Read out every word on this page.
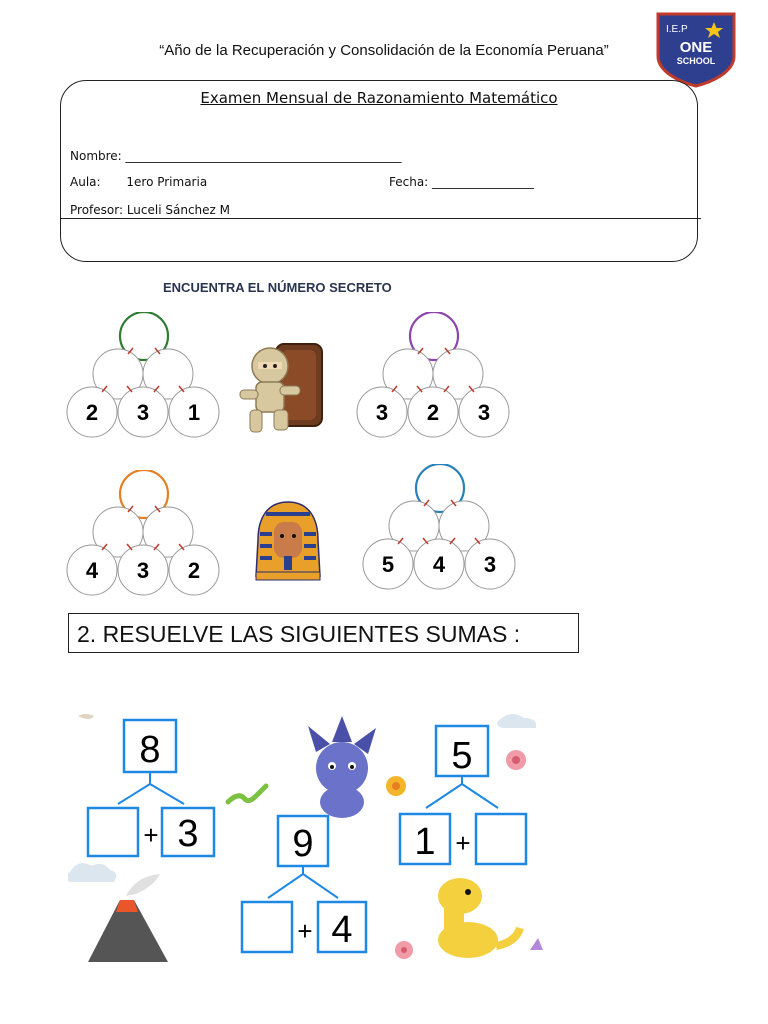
“Año de la Recuperación y Consolidación de la Economía Peruana”
I.E.P
ONE
SCHOOL
Examen Mensual de Razonamiento Matemático
Nombre: ______________________________________________
Aula: 1ero Primaria	Fecha: _________________
Profesor: Luceli Sánchez M
ENCUENTRA EL NÚMERO SECRETO
2 3 1	3 2 3
4 3 2	5 4 3
2. RESUELVE LAS SIGUIENTES SUMAS :
8
+ 3 9
+ 4
5
1 +
